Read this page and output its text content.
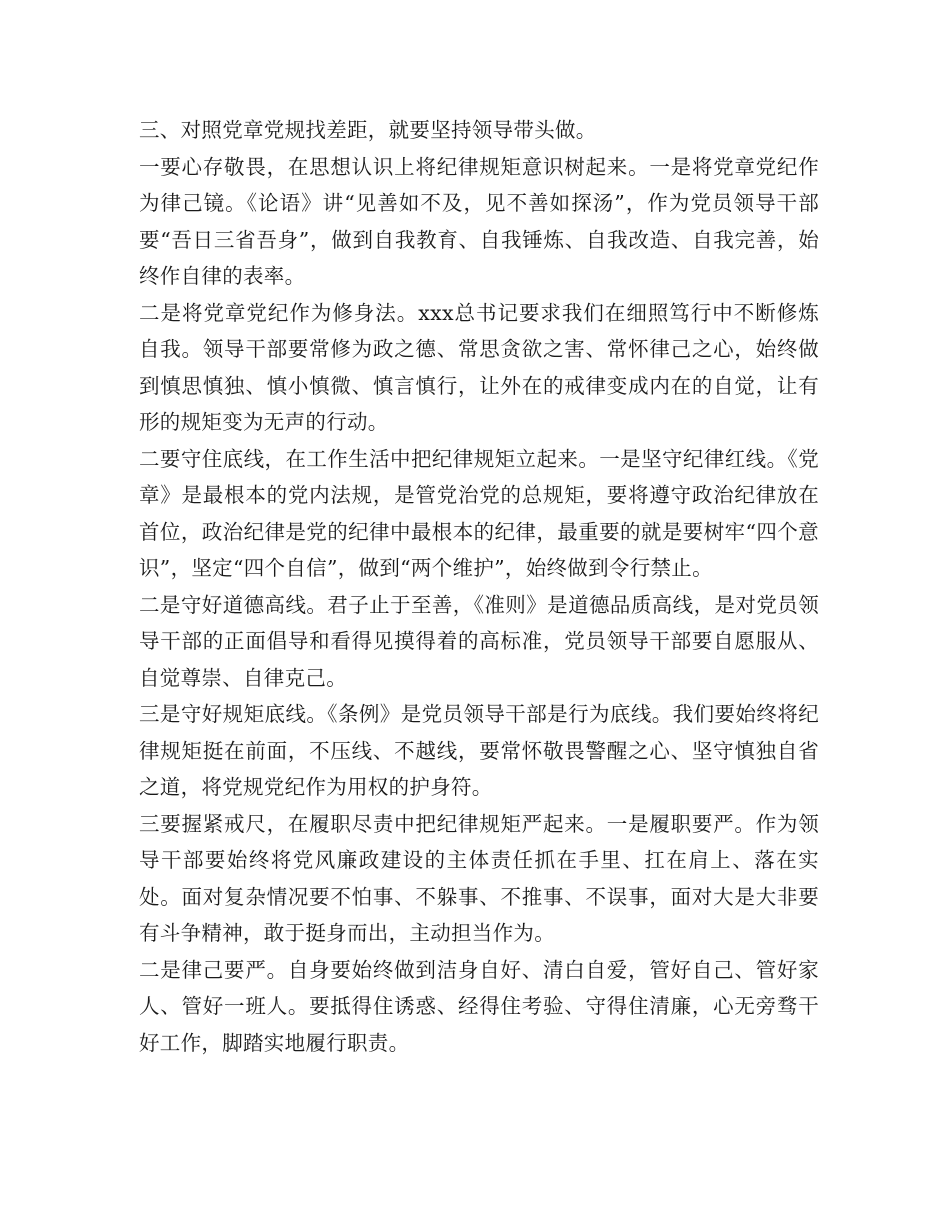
三、对照党章党规找差距，就要坚持领导带头做。

一要心存敬畏，在思想认识上将纪律规矩意识树起来。一是将党章党纪作为律己镜。《论语》讲“见善如不及，见不善如探汤”，作为党员领导干部要“吾日三省吾身”，做到自我教育、自我锤炼、自我改造、自我完善，始终作自律的表率。

二是将党章党纪作为修身法。xxx总书记要求我们在细照笃行中不断修炼自我。领导干部要常修为政之德、常思贪欲之害、常怀律己之心，始终做到慎思慎独、慎小慎微、慎言慎行，让外在的戒律变成内在的自觉，让有形的规矩变为无声的行动。

二要守住底线，在工作生活中把纪律规矩立起来。一是坚守纪律红线。《党章》是最根本的党内法规，是管党治党的总规矩，要将遵守政治纪律放在首位，政治纪律是党的纪律中最根本的纪律，最重要的就是要树牢“四个意识”，坚定“四个自信”，做到“两个维护”，始终做到令行禁止。

二是守好道德高线。君子止于至善，《准则》是道德品质高线，是对党员领导干部的正面倡导和看得见摸得着的高标准，党员领导干部要自愿服从、自觉尊崇、自律克己。

三是守好规矩底线。《条例》是党员领导干部是行为底线。我们要始终将纪律规矩挺在前面，不压线、不越线，要常怀敬畏警醒之心、坚守慎独自省之道，将党规党纪作为用权的护身符。

三要握紧戒尺，在履职尽责中把纪律规矩严起来。一是履职要严。作为领导干部要始终将党风廉政建设的主体责任抓在手里、扛在肩上、落在实处。面对复杂情况要不怕事、不躲事、不推事、不误事，面对大是大非要有斗争精神，敢于挺身而出，主动担当作为。

二是律己要严。自身要始终做到洁身自好、清白自爱，管好自己、管好家人、管好一班人。要抵得住诱惑、经得住考验、守得住清廉，心无旁骛干好工作，脚踏实地履行职责。
